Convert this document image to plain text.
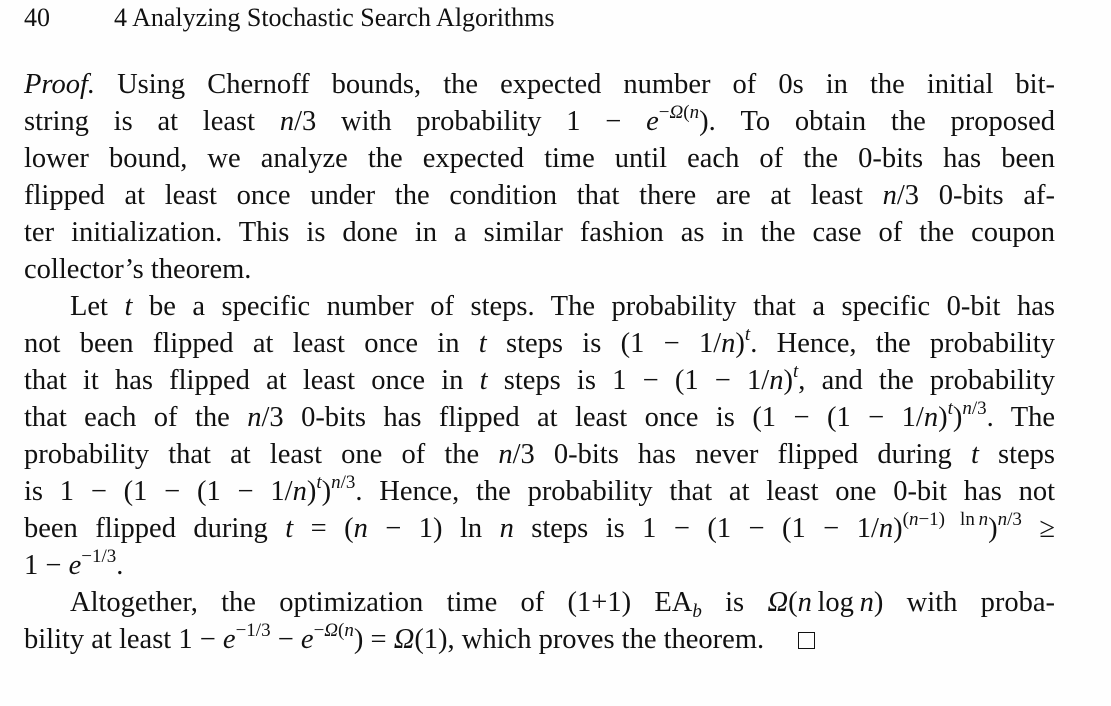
40 4 Analyzing Stochastic Search Algorithms
Proof. Using Chernoff bounds, the expected number of 0s in the initial bit-
string is at least n/3 with probability $1 - e^{-\Omega(n}$). To obtain the proposed
lower bound, we analyze the expected time until each of the 0-bits has been
flipped at least once under the condition that there are at least n/3 0-bits af-
ter initialization. This is done in a similar fashion as in the case of the coupon
collector’s theorem.
Let t be a specific number of steps. The probability that a specific 0-bit has
not been flipped at least once in t steps is $(1 - 1/n)^t$. Hence, the probability
that it has flipped at least once in t steps is $1 - (1 - 1/n)^t$, and the probability
that each of the n/3 0-bits has flipped at least once is $(1 - (1 - 1/n)^t)^{n/3}$. The
probability that at least one of the n/3 0-bits has never flipped during t steps
is $1 - (1 - (1 - 1/n)^t)^{n/3}$. Hence, the probability that at least one 0-bit has not
been flipped during t = (n − 1) ln n steps is $1 - (1 - (1 - 1/n)^{(n-1) ln n})^{n/3}$ ≥
$1 - e^{-1/3}$.
Altogether, the optimization time of (1+1) $EA_b$ is Ω(n log n) with proba-
bility at least $1 - e^{-1/3} - e^{-\Omega(n}) = \Omega(1)$, which proves the theorem.
